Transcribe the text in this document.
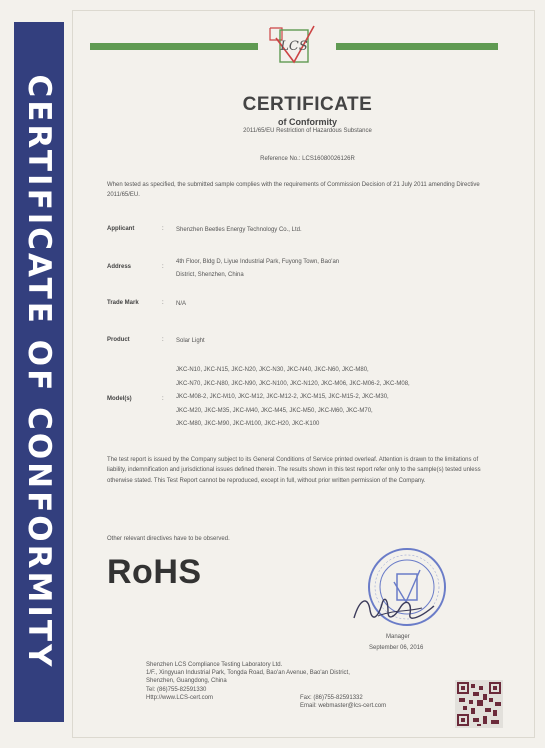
CERTIFICATE OF CONFORMITY
LCS
CERTIFICATE
of Conformity
2011/65/EU Restriction of Hazardous Substance
Reference No.: LCS16080026126R
When tested as specified, the submitted sample complies with the requirements of Commission Decision of 21 July 2011 amending Directive 2011/65/EU.
Applicant	: Shenzhen Beetles Energy Technology Co., Ltd.
Address	:
4th Floor, Bldg D, Liyue Industrial Park, Fuyong Town, Bao'an
District, Shenzhen, China
Trade Mark	: N/A
Product	: Solar Light
Model(s)	:
JKC-N10, JKC-N15, JKC-N20, JKC-N30, JKC-N40, JKC-N60, JKC-M80,
JKC-N70, JKC-N80, JKC-N90, JKC-N100, JKC-N120, JKC-M06, JKC-M06-2, JKC-M08,
JKC-M08-2, JKC-M10, JKC-M12, JKC-M12-2, JKC-M15, JKC-M15-2, JKC-M30,
JKC-M20, JKC-M35, JKC-M40, JKC-M45, JKC-M50, JKC-M60, JKC-M70,
JKC-M80, JKC-M90, JKC-M100, JKC-H20, JKC-K100
The test report is issued by the Company subject to its General Conditions of Service printed overleaf. Attention is drawn to the limitations of liability, indemnification and jurisdictional issues defined therein. The results shown in this test report refer only to the sample(s) tested unless otherwise stated. This Test Report cannot be reproduced, except in full, without prior written permission of the Company.
Other relevant directives have to be observed.
RoHS
Manager
September 06, 2016
Shenzhen LCS Compliance Testing Laboratory Ltd.
1/F., Xingyuan Industrial Park, Tongda Road, Bao'an Avenue, Bao'an District,
Shenzhen, Guangdong, China
Tel: (86)755-82591330
Http://www.LCS-cert.com	Fax: (86)755-82591332
Email: webmaster@lcs-cert.com
